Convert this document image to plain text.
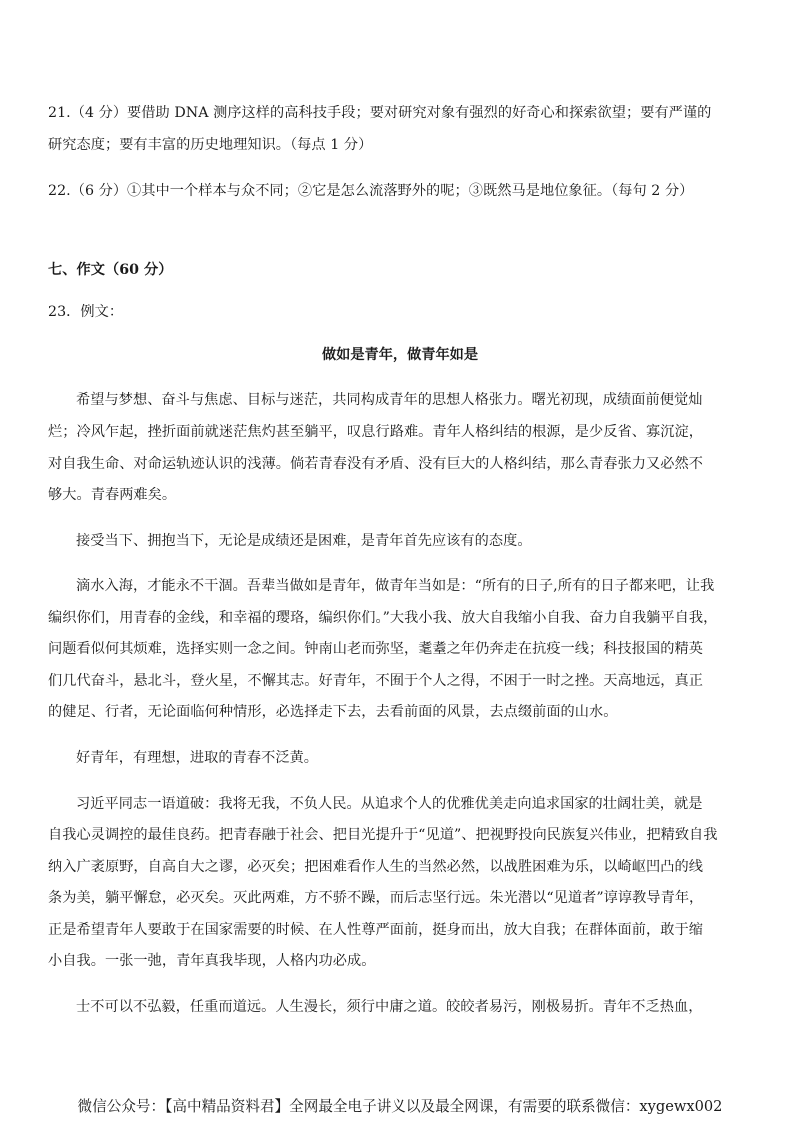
21.（4 分）要借助 DNA 测序这样的高科技手段；要对研究对象有强烈的好奇心和探索欲望；要有严谨的
研究态度；要有丰富的历史地理知识。（每点 1 分）
22.（6 分）①其中一个样本与众不同；②它是怎么流落野外的呢；③既然马是地位象征。（每句 2 分）
七、作文（60 分）
23．例文：
做如是青年，做青年如是
希望与梦想、奋斗与焦虑、目标与迷茫，共同构成青年的思想人格张力。曙光初现，成绩面前便觉灿
烂；冷风乍起，挫折面前就迷茫焦灼甚至躺平，叹息行路难。青年人格纠结的根源，是少反省、寡沉淀，
对自我生命、对命运轨迹认识的浅薄。倘若青春没有矛盾、没有巨大的人格纠结，那么青春张力又必然不
够大。青春两难矣。
接受当下、拥抱当下，无论是成绩还是困难，是青年首先应该有的态度。
滴水入海，才能永不干涸。吾辈当做如是青年，做青年当如是：“所有的日子,所有的日子都来吧，让我
编织你们，用青春的金线，和幸福的璎珞，编织你们。”大我小我、放大自我缩小自我、奋力自我躺平自我，
问题看似何其烦难，选择实则一念之间。钟南山老而弥坚，耄耋之年仍奔走在抗疫一线；科技报国的精英
们几代奋斗，悬北斗，登火星，不懈其志。好青年，不囿于个人之得，不困于一时之挫。天高地远，真正
的健足、行者，无论面临何种情形，必选择走下去，去看前面的风景，去点缀前面的山水。
好青年，有理想，进取的青春不泛黄。
习近平同志一语道破：我将无我，不负人民。从追求个人的优雅优美走向追求国家的壮阔壮美，就是
自我心灵调控的最佳良药。把青春融于社会、把目光提升于“见道”、把视野投向民族复兴伟业，把精致自我
纳入广袤原野，自高自大之谬，必灭矣；把困难看作人生的当然必然，以战胜困难为乐，以崎岖凹凸的线
条为美，躺平懈怠，必灭矣。灭此两难，方不骄不躁，而后志坚行远。朱光潜以“见道者”谆谆教导青年，
正是希望青年人要敢于在国家需要的时候、在人性尊严面前，挺身而出，放大自我；在群体面前，敢于缩
小自我。一张一弛，青年真我毕现，人格内功必成。
士不可以不弘毅，任重而道远。人生漫长，须行中庸之道。皎皎者易污，刚极易折。青年不乏热血，
微信公众号：【高中精品资料君】全网最全电子讲义以及最全网课，有需要的联系微信：xygewx002
